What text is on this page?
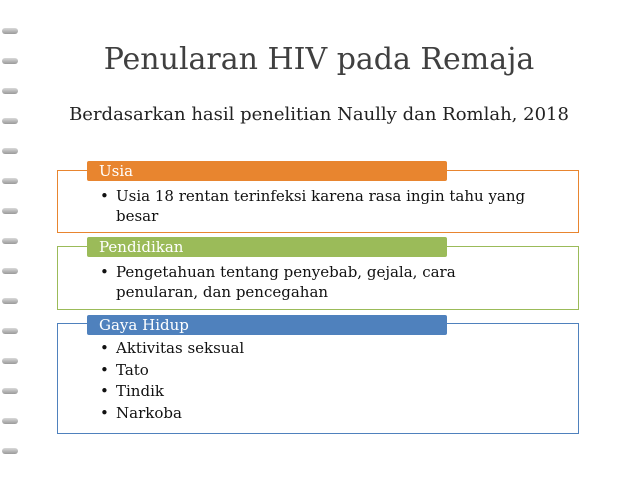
Penularan HIV pada Remaja
Berdasarkan hasil penelitian Naully dan Romlah, 2018
Usia
• Usia 18 rentan terinfeksi karena rasa ingin tahu yang besar
Pendidikan
• Pengetahuan tentang penyebab, gejala, cara penularan, dan pencegahan
Gaya Hidup
• Aktivitas seksual
• Tato
• Tindik
• Narkoba
